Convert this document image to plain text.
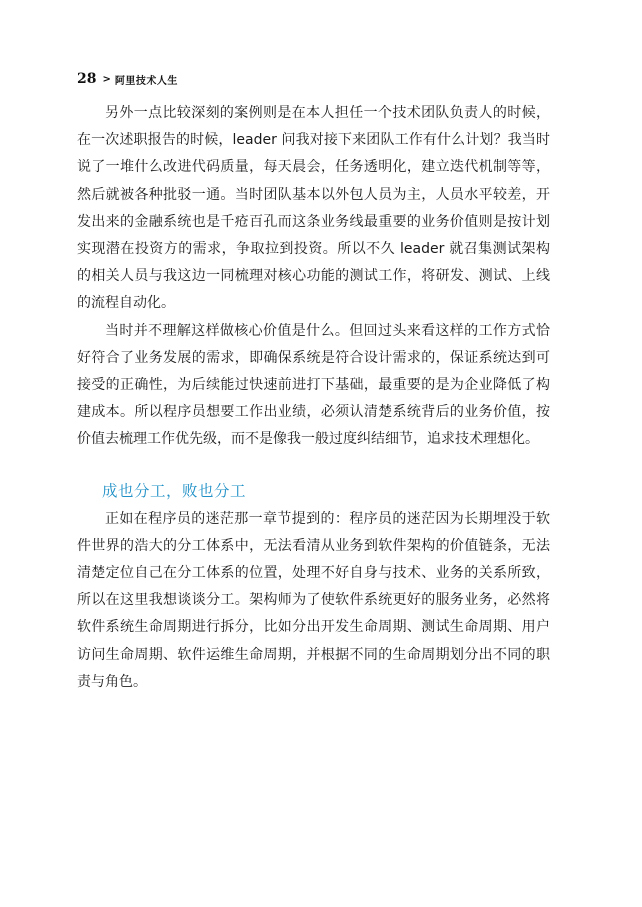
28 > 阿里技术人生

另外一点比较深刻的案例则是在本人担任一个技术团队负责人的时候，在一次述职报告的时候，leader 问我对接下来团队工作有什么计划？我当时说了一堆什么改进代码质量，每天晨会，任务透明化，建立迭代机制等等，然后就被各种批驳一通。当时团队基本以外包人员为主，人员水平较差，开发出来的金融系统也是千疮百孔而这条业务线最重要的业务价值则是按计划实现潜在投资方的需求，争取拉到投资。所以不久 leader 就召集测试架构的相关人员与我这边一同梳理对核心功能的测试工作，将研发、测试、上线的流程自动化。

当时并不理解这样做核心价值是什么。但回过头来看这样的工作方式恰好符合了业务发展的需求，即确保系统是符合设计需求的，保证系统达到可接受的正确性，为后续能过快速前进打下基础，最重要的是为企业降低了构建成本。所以程序员想要工作出业绩，必须认清楚系统背后的业务价值，按价值去梳理工作优先级，而不是像我一般过度纠结细节，追求技术理想化。

成也分工，败也分工

正如在程序员的迷茫那一章节提到的：程序员的迷茫因为长期埋没于软件世界的浩大的分工体系中，无法看清从业务到软件架构的价值链条，无法清楚定位自己在分工体系的位置，处理不好自身与技术、业务的关系所致，所以在这里我想谈谈分工。架构师为了使软件系统更好的服务业务，必然将软件系统生命周期进行拆分，比如分出开发生命周期、测试生命周期、用户访问生命周期、软件运维生命周期，并根据不同的生命周期划分出不同的职责与角色。
